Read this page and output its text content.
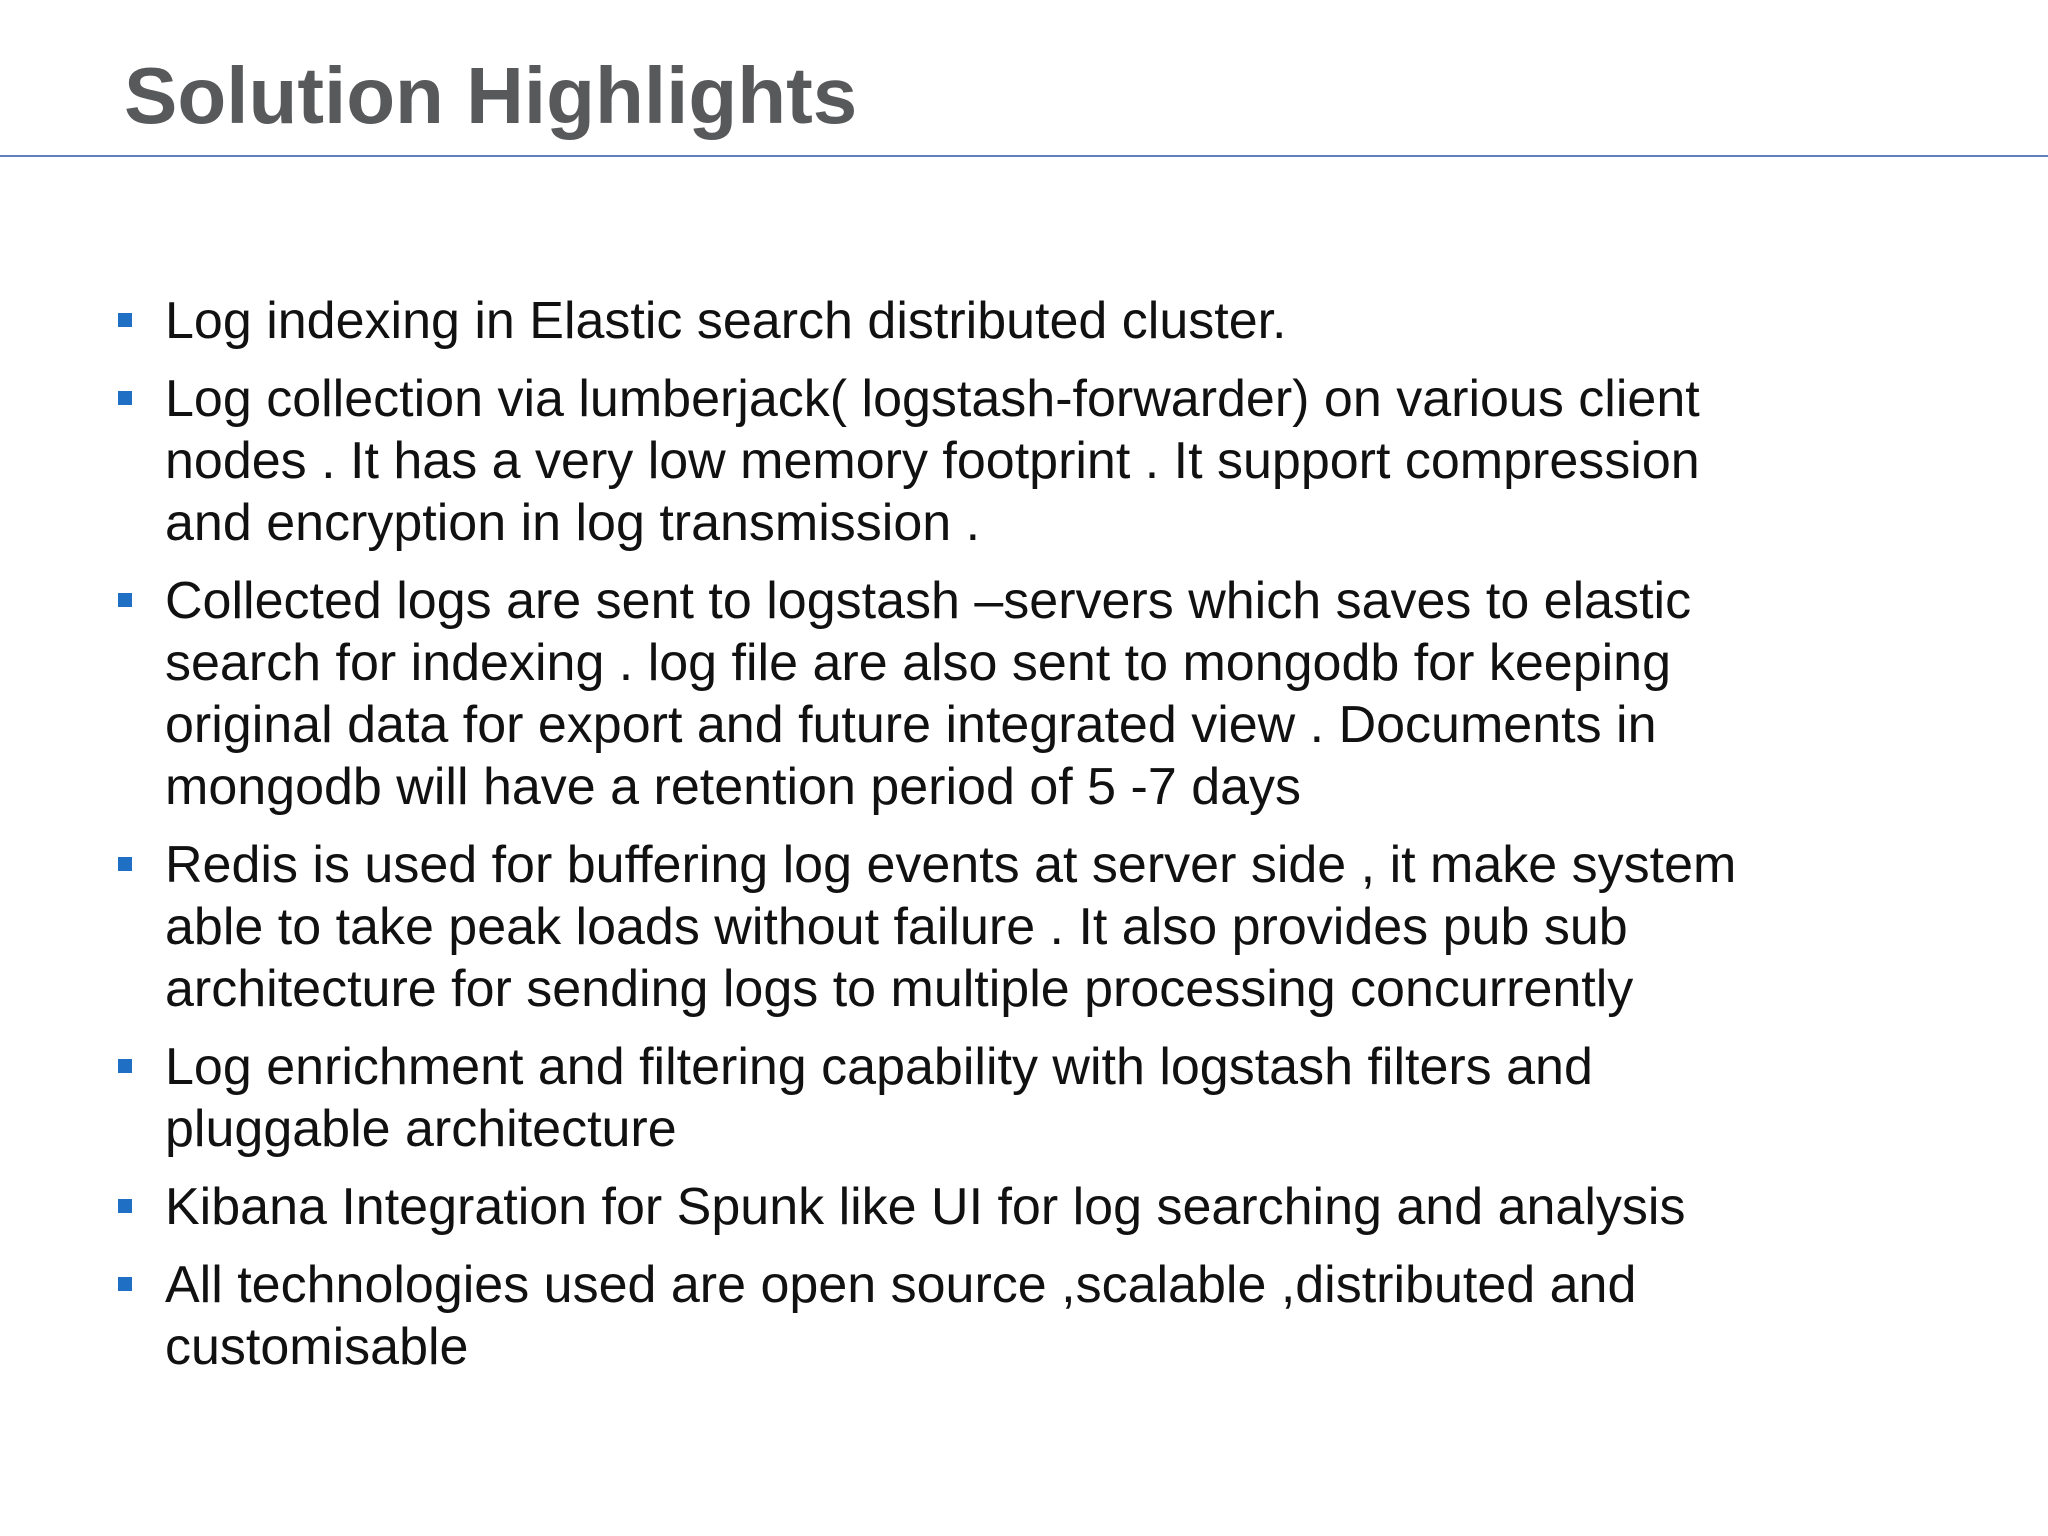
Solution Highlights
Log indexing in Elastic search distributed cluster.
Log collection via lumberjack( logstash-forwarder) on various client
nodes . It has a very low memory footprint . It support compression
and encryption in log transmission .
Collected logs are sent to logstash –servers which saves to elastic
search for indexing . log file are also sent to mongodb for keeping
original data for export and future integrated view . Documents in
mongodb will have a retention period of 5 -7 days
Redis is used for buffering log events at server side , it make system
able to take peak loads without failure . It also provides pub sub
architecture for sending logs to multiple processing concurrently
Log enrichment and filtering capability with logstash filters and
pluggable architecture
Kibana Integration for Spunk like UI for log searching and analysis
All technologies used are open source ,scalable ,distributed and
customisable
